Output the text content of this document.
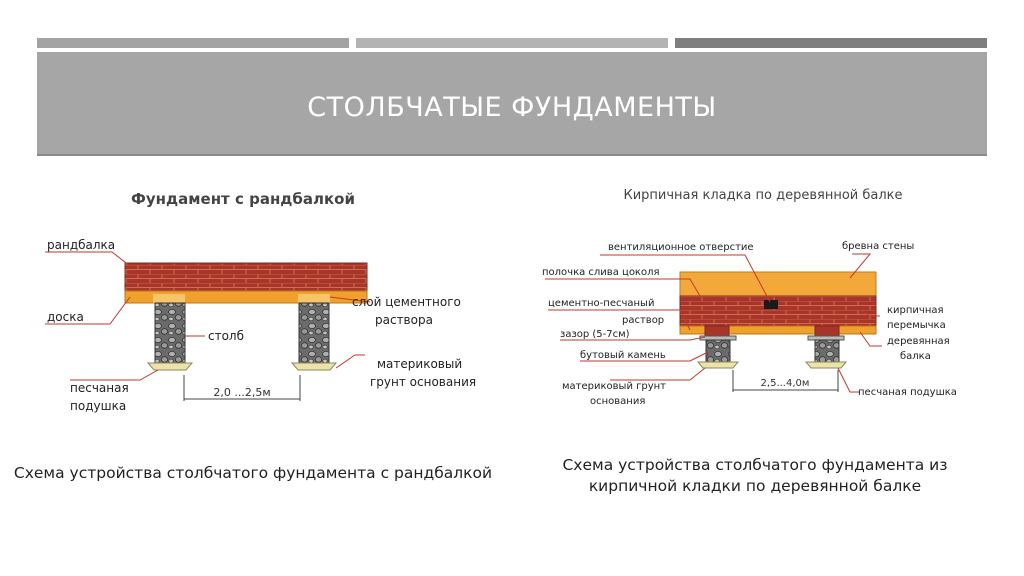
СТОЛБЧАТЫЕ ФУНДАМЕНТЫ
Фундамент с рандбалкой
2,0 ...2,5м
рандбалка
доска
столб
слой цементного
раствора
материковый
грунт основания
песчаная
подушка
Кирпичная кладка по деревянной балке
2,5...4,0м
вентиляционное отверстие	бревна стены
полочка слива цоколя
цементно-песчаный
раствор
зазор (5-7см)
бутовый камень
материковый грунт
основания
кирпичная
перемычка
деревянная
балка
песчаная подушка
Схема устройства столбчатого фундамента с рандбалкой	Схема устройства столбчатого фундамента из кирпичной кладки по деревянной балке
